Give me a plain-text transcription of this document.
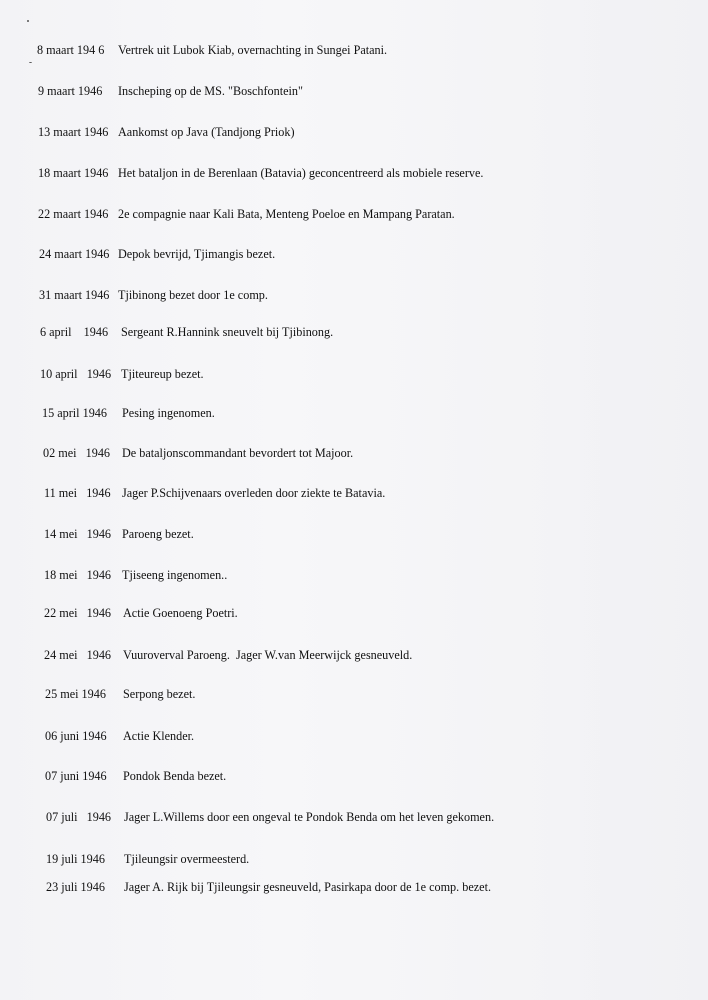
8 maart 194 6 Vertrek uit Lubok Kiab, overnachting in Sungei Patani.
9 maart 1946 Inscheping op de MS. "Boschfontein"
13 maart 1946 Aankomst op Java (Tandjong Priok)
18 maart 1946 Het bataljon in de Berenlaan (Batavia) geconcentreerd als mobiele reserve.
22 maart 1946 2e compagnie naar Kali Bata, Menteng Poeloe en Mampang Paratan.
24 maart 1946 Depok bevrijd, Tjimangis bezet.
31 maart 1946 Tjibinong bezet door 1e comp.
6 april    1946 Sergeant R.Hannink sneuvelt bij Tjibinong.
10 april   1946 Tjiteureup bezet.
15 april 1946 Pesing ingenomen.
02 mei   1946 De bataljonscommandant bevordert tot Majoor.
11 mei   1946 Jager P.Schijvenaars overleden door ziekte te Batavia.
14 mei   1946 Paroeng bezet.
18 mei   1946 Tjiseeng ingenomen..
22 mei   1946 Actie Goenoeng Poetri.
24 mei   1946 Vuuroverval Paroeng.  Jager W.van Meerwijck gesneuveld.
25 mei 1946 Serpong bezet.
06 juni 1946 Actie Klender.
07 juni 1946 Pondok Benda bezet.
07 juli   1946 Jager L.Willems door een ongeval te Pondok Benda om het leven gekomen.
19 juli 1946 Tjileungsir overmeesterd.
23 juli 1946 Jager A. Rijk bij Tjileungsir gesneuveld, Pasirkapa door de 1e comp. bezet.
